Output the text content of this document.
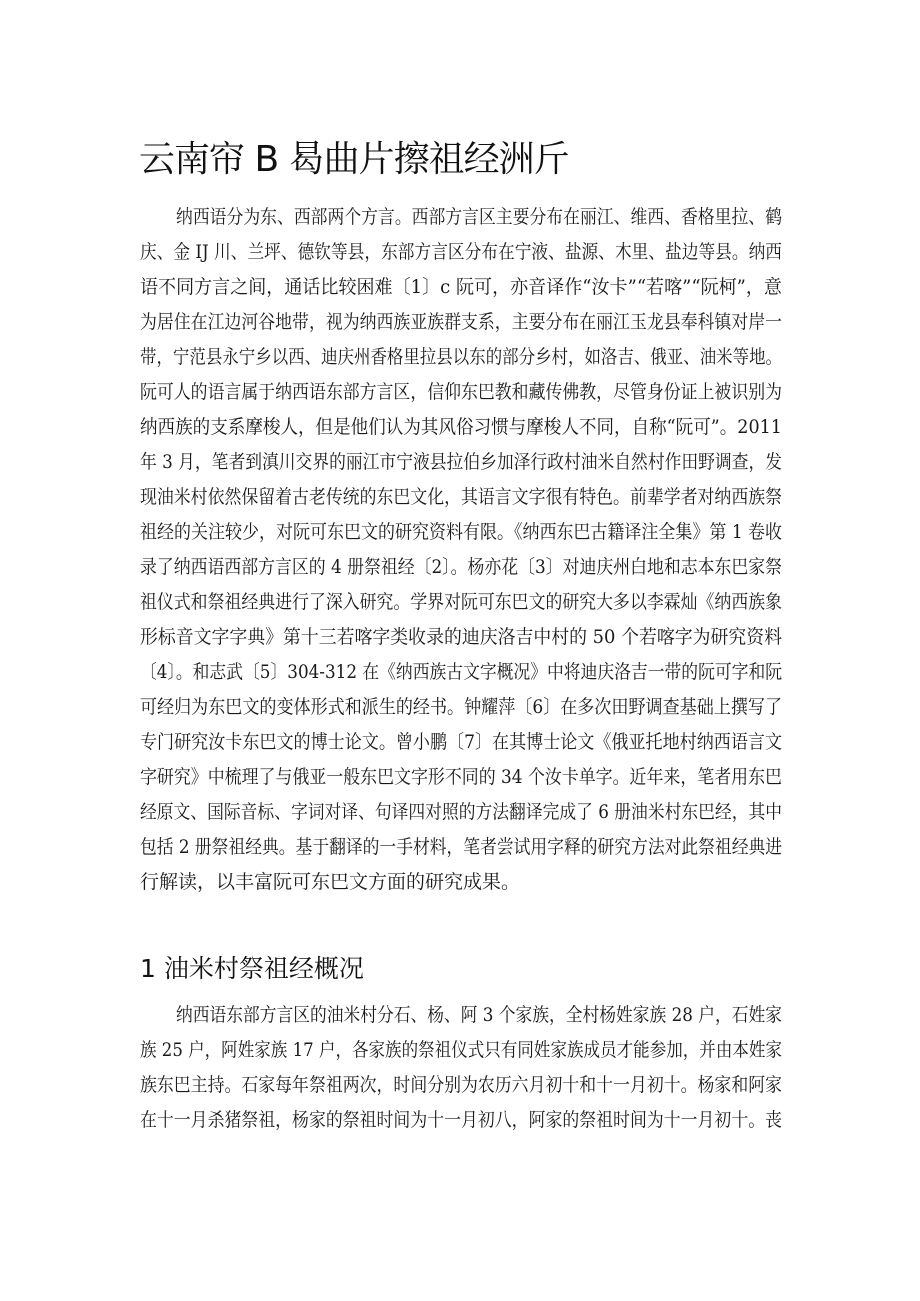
云南帘 B 曷曲片擦祖经洲斤
纳西语分为东、西部两个方言。西部方言区主要分布在丽江、维西、香格里拉、鹤
庆、金 IJ 川、兰坪、德钦等县，东部方言区分布在宁液、盐源、木里、盐边等县。纳西
语不同方言之间，通话比较困难〔1〕c 阮可，亦音译作“汝卡”“若喀”“阮柯”，意
为居住在江边河谷地带，视为纳西族亚族群支系，主要分布在丽江玉龙县奉科镇对岸一
带，宁范县永宁乡以西、迪庆州香格里拉县以东的部分乡村，如洛吉、俄亚、油米等地。
阮可人的语言属于纳西语东部方言区，信仰东巴教和藏传佛教，尽管身份证上被识别为
纳西族的支系摩梭人，但是他们认为其风俗习惯与摩梭人不同，自称“阮可”。2011
年 3 月，笔者到滇川交界的丽江市宁液县拉伯乡加泽行政村油米自然村作田野调查，发
现油米村依然保留着古老传统的东巴文化，其语言文字很有特色。前辈学者对纳西族祭
祖经的关注较少，对阮可东巴文的研究资料有限。《纳西东巴古籍译注全集》第 1 卷收
录了纳西语西部方言区的 4 册祭祖经〔2〕。杨亦花〔3〕对迪庆州白地和志本东巴家祭
祖仪式和祭祖经典进行了深入研究。学界对阮可东巴文的研究大多以李霖灿《纳西族象
形标音文字字典》第十三若喀字类收录的迪庆洛吉中村的 50 个若喀字为研究资料
〔4〕。和志武〔5〕304-312 在《纳西族古文字概况》中将迪庆洛吉一带的阮可字和阮
可经归为东巴文的变体形式和派生的经书。钟耀萍〔6〕在多次田野调查基础上撰写了
专门研究汝卡东巴文的博士论文。曾小鹏〔7〕在其博士论文《俄亚托地村纳西语言文
字研究》中梳理了与俄亚一般东巴文字形不同的 34 个汝卡单字。近年来，笔者用东巴
经原文、国际音标、字词对译、句译四对照的方法翻译完成了 6 册油米村东巴经，其中
包括 2 册祭祖经典。基于翻译的一手材料，笔者尝试用字释的研究方法对此祭祖经典进
行解读，以丰富阮可东巴文方面的研究成果。
1 油米村祭祖经概况
纳西语东部方言区的油米村分石、杨、阿 3 个家族，全村杨姓家族 28 户，石姓家
族 25 户，阿姓家族 17 户，各家族的祭祖仪式只有同姓家族成员才能参加，并由本姓家
族东巴主持。石家每年祭祖两次，时间分别为农历六月初十和十一月初十。杨家和阿家
在十一月杀猪祭祖，杨家的祭祖时间为十一月初八，阿家的祭祖时间为十一月初十。丧
